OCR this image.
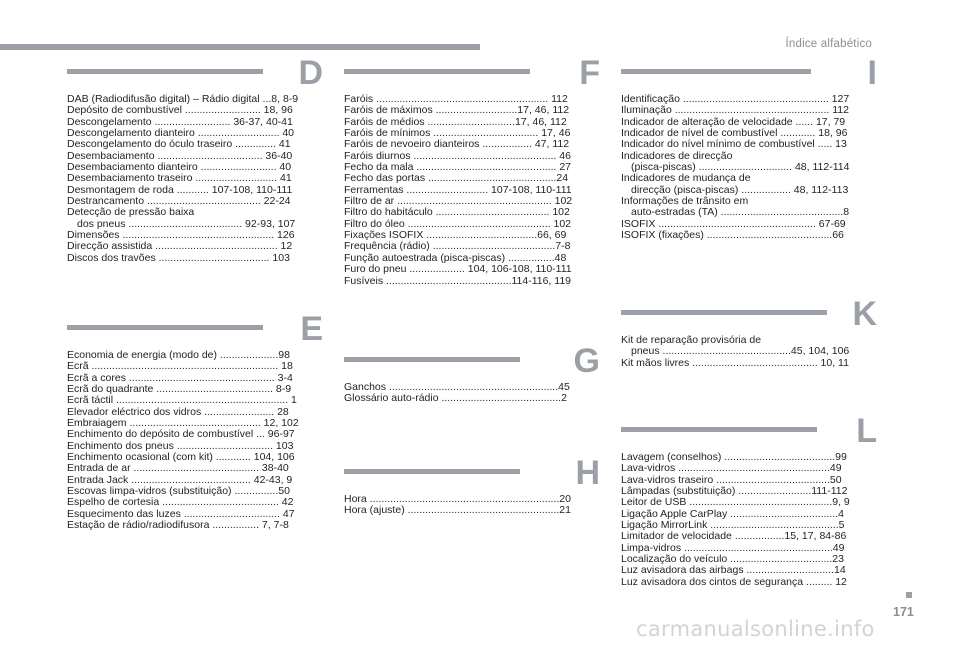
Índice alfabético
D
DAB (Radiodifusão digital) – Rádio digital ...8, 8-9
Depósito de combustível .......................... 18, 96
Descongelamento .......................... 36-37, 40-41
Descongelamento dianteiro ............................ 40
Descongelamento do óculo traseiro .............. 41
Desembaciamento .................................... 36-40
Desembaciamento dianteiro .......................... 40
Desembaciamento traseiro ............................ 41
Desmontagem de roda ........... 107-108, 110-111
Destrancamento ....................................... 22-24
Detecção de pressão baixa
dos pneus ....................................... 92-93, 107
Dimensões .................................................... 126
Direcção assistida .......................................... 12
Discos dos travões ...................................... 103
E
Economia de energia (modo de) ....................98
Ecrã ................................................................ 18
Ecrã a cores .................................................. 3-4
Ecrã do quadrante ........................................ 8-9
Ecrã táctil ........................................................... 1
Elevador eléctrico dos vidros ........................ 28
Embraiagem ............................................. 12, 102
Enchimento do depósito de combustível ... 96-97
Enchimento dos pneus ................................. 103
Enchimento ocasional (com kit) ............ 104, 106
Entrada de ar ........................................... 38-40
Entrada Jack ......................................... 42-43, 9
Escovas limpa-vidros (substituição) ...............50
Espelho de cortesia ........................................ 42
Esquecimento das luzes ................................. 47
Estação de rádio/radiodifusora ................ 7, 7-8
F
Faróis ........................................................... 112
Faróis de máximos ............................17, 46, 112
Faróis de médios ..............................17, 46, 112
Faróis de mínimos .................................... 17, 46
Faróis de nevoeiro dianteiros ................. 47, 112
Faróis diurnos ................................................. 46
Fecho da mala ................................................ 27
Fecho das portas ............................................24
Ferramentas ............................ 107-108, 110-111
Filtro de ar ..................................................... 102
Filtro do habitáculo ....................................... 102
Filtro do óleo ................................................. 102
Fixações ISOFIX ......................................66, 69
Frequência (rádio) ..........................................7-8
Função autoestrada (pisca-piscas) ................48
Furo do pneu ................... 104, 106-108, 110-111
Fusíveis ...........................................114-116, 119
G
Ganchos ..........................................................45
Glossário auto-rádio .........................................2
H
Hora .................................................................20
Hora (ajuste) ....................................................21
I
Identificação .................................................. 127
Iluminação ..................................................... 112
Indicador de alteração de velocidade ...... 17, 79
Indicador de nível de combustível ............ 18, 96
Indicador do nível mínimo de combustível ..... 13
Indicadores de direcção
(pisca-piscas) ................................ 48, 112-114
Indicadores de mudança de
direcção (pisca-piscas) ................. 48, 112-113
Informações de trânsito em
auto-estradas (TA) ..........................................8
ISOFIX ...................................................... 67-69
ISOFIX (fixações) ...........................................66
K
Kit de reparação provisória de
pneus ............................................45, 104, 106
Kit mãos livres ........................................... 10, 11
L
Lavagem (conselhos) ......................................99
Lava-vidros ....................................................49
Lava-vidros traseiro .......................................50
Lâmpadas (substituição) .........................111-112
Leitor de USB .................................................9, 9
Ligação Apple CarPlay .....................................4
Ligação MirrorLink ............................................5
Limitador de velocidade .................15, 17, 84-86
Limpa-vidros ...................................................49
Localização do veículo ...................................23
Luz avisadora das airbags ..............................14
Luz avisadora dos cintos de segurança ......... 12
171
carmanualsonline.info
